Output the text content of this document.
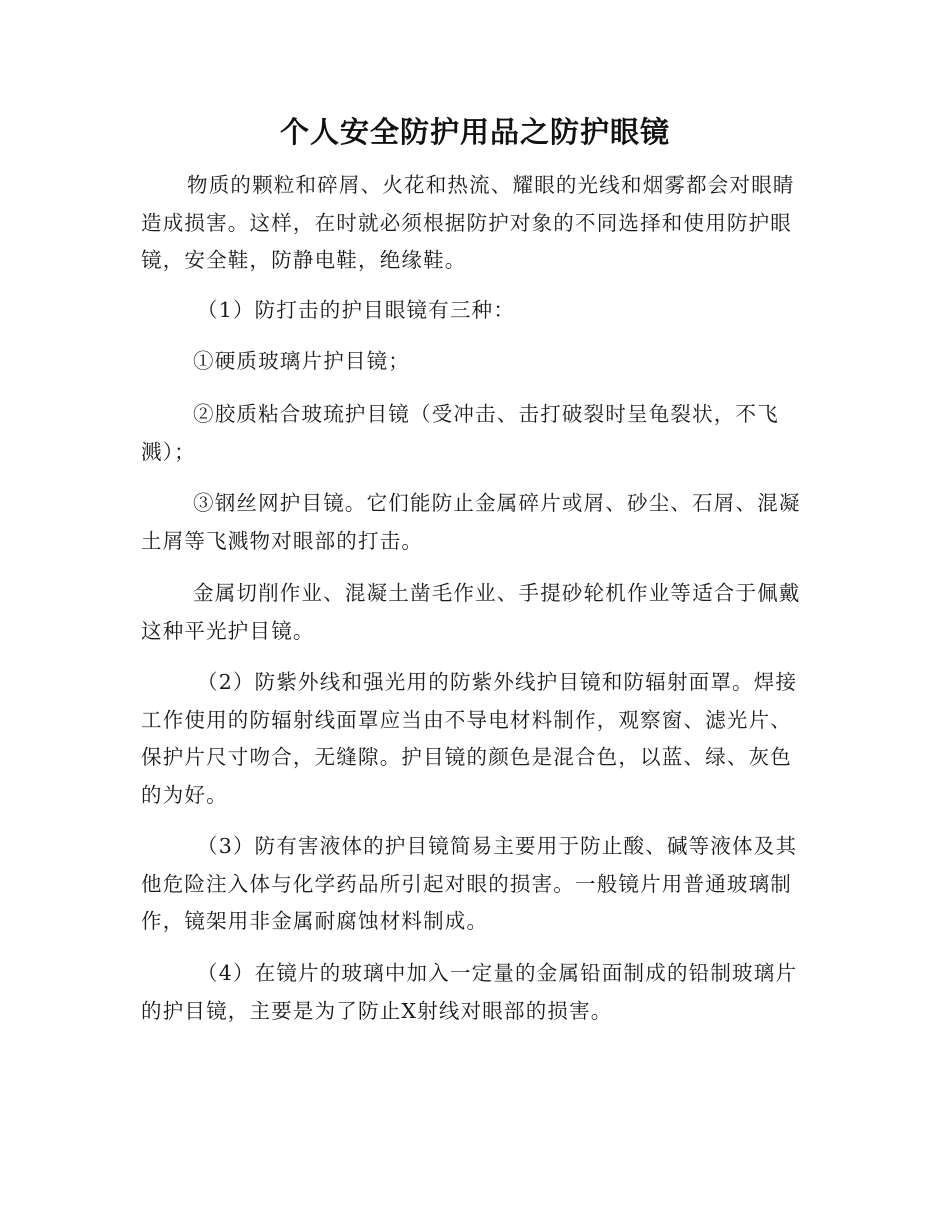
个人安全防护用品之防护眼镜

物质的颗粒和碎屑、火花和热流、耀眼的光线和烟雾都会对眼睛造成损害。这样，在时就必须根据防护对象的不同选择和使用防护眼镜，安全鞋，防静电鞋，绝缘鞋。

（1）防打击的护目眼镜有三种：

①硬质玻璃片护目镜；

②胶质粘合玻琉护目镜（受冲击、击打破裂时呈龟裂状，不飞溅）；

③钢丝网护目镜。它们能防止金属碎片或屑、砂尘、石屑、混凝土屑等飞溅物对眼部的打击。

金属切削作业、混凝土凿毛作业、手提砂轮机作业等适合于佩戴这种平光护目镜。

（2）防紫外线和强光用的防紫外线护目镜和防辐射面罩。焊接工作使用的防辐射线面罩应当由不导电材料制作，观察窗、滤光片、保护片尺寸吻合，无缝隙。护目镜的颜色是混合色，以蓝、绿、灰色的为好。

（3）防有害液体的护目镜简易主要用于防止酸、碱等液体及其他危险注入体与化学药品所引起对眼的损害。一般镜片用普通玻璃制作，镜架用非金属耐腐蚀材料制成。

（4）在镜片的玻璃中加入一定量的金属铅面制成的铅制玻璃片的护目镜，主要是为了防止X射线对眼部的损害。
